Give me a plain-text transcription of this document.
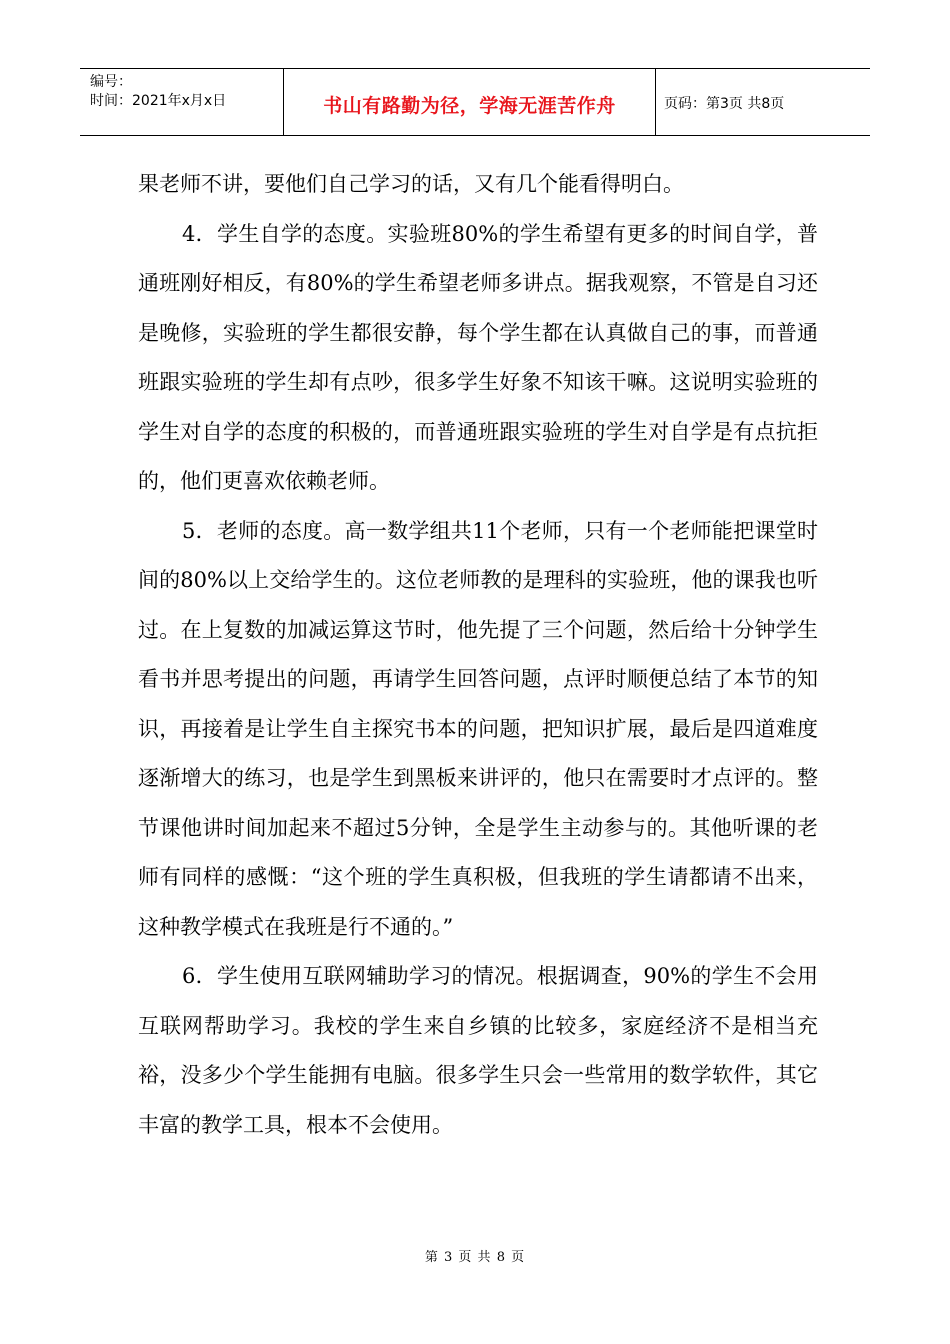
编号：
时间：2021年x月x日	书山有路勤为径，学海无涯苦作舟	页码：第3页 共8页

果老师不讲，要他们自己学习的话，又有几个能看得明白。

4．学生自学的态度。实验班80%的学生希望有更多的时间自学，普通班刚好相反，有80%的学生希望老师多讲点。据我观察，不管是自习还是晚修，实验班的学生都很安静，每个学生都在认真做自己的事，而普通班跟实验班的学生却有点吵，很多学生好象不知该干嘛。这说明实验班的学生对自学的态度的积极的，而普通班跟实验班的学生对自学是有点抗拒的，他们更喜欢依赖老师。

5．老师的态度。高一数学组共11个老师，只有一个老师能把课堂时间的80%以上交给学生的。这位老师教的是理科的实验班，他的课我也听过。在上复数的加减运算这节时，他先提了三个问题，然后给十分钟学生看书并思考提出的问题，再请学生回答问题，点评时顺便总结了本节的知识，再接着是让学生自主探究书本的问题，把知识扩展，最后是四道难度逐渐增大的练习，也是学生到黑板来讲评的，他只在需要时才点评的。整节课他讲时间加起来不超过5分钟，全是学生主动参与的。其他听课的老师有同样的感慨：“这个班的学生真积极，但我班的学生请都请不出来，这种教学模式在我班是行不通的。”

6．学生使用互联网辅助学习的情况。根据调查，90%的学生不会用互联网帮助学习。我校的学生来自乡镇的比较多，家庭经济不是相当充裕，没多少个学生能拥有电脑。很多学生只会一些常用的数学软件，其它丰富的教学工具，根本不会使用。

第 3 页 共 8 页
